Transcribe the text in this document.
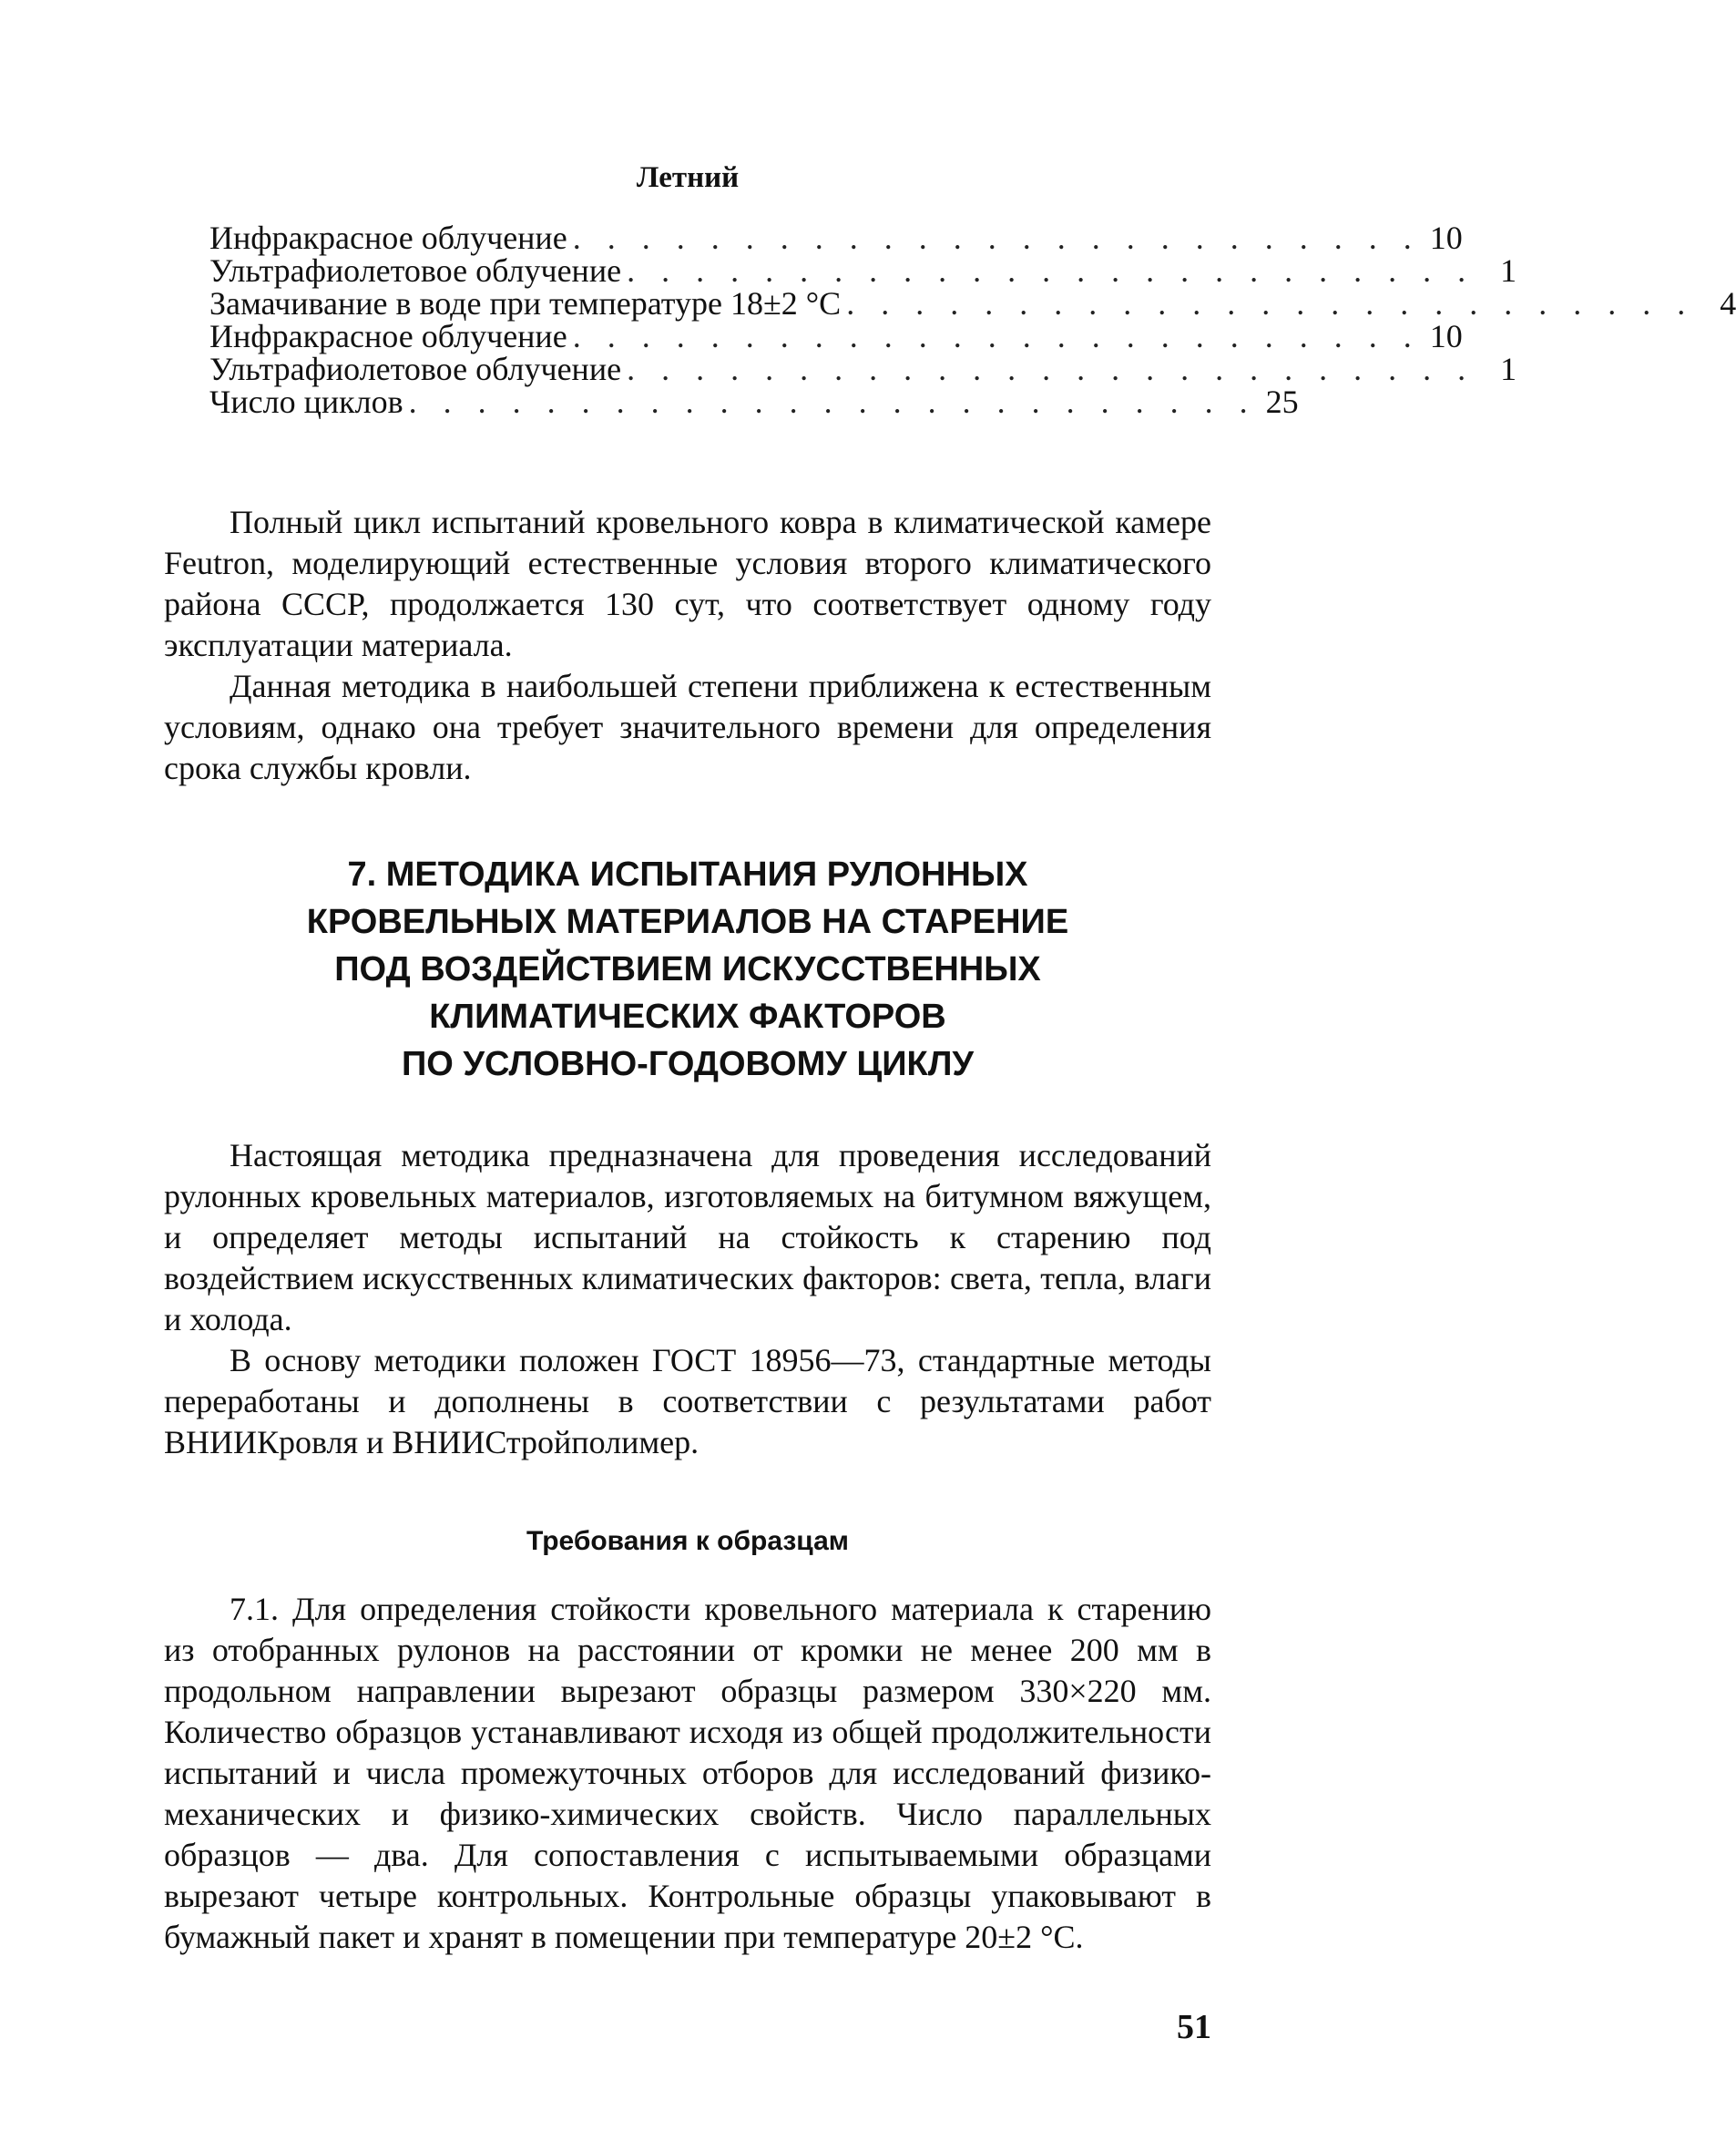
Летний

Инфракрасное облучение . . . . . . . . . . . . . . . . . . . . . . . . . 10
Ультрафиолетовое облучение . . . . . . . . . . . . . . . . . . . . . . . . . 1
Замачивание в воде при температуре 18±2 °С . . . . . . . . . . . . . . . . . . . . . . . . . 4
Инфракрасное облучение . . . . . . . . . . . . . . . . . . . . . . . . . 10
Ультрафиолетовое облучение . . . . . . . . . . . . . . . . . . . . . . . . . 1
Число циклов . . . . . . . . . . . . . . . . . . . . . . . . . 25

Полный цикл испытаний кровельного ковра в климатической камере Feutron, моделирующий естественные условия второго климатического района СССР, продолжается 130 сут, что соответствует одному году эксплуатации материала.

Данная методика в наибольшей степени приближена к естественным условиям, однако она требует значительного времени для определения срока службы кровли.

7. МЕТОДИКА ИСПЫТАНИЯ РУЛОННЫХ
КРОВЕЛЬНЫХ МАТЕРИАЛОВ НА СТАРЕНИЕ
ПОД ВОЗДЕЙСТВИЕМ ИСКУССТВЕННЫХ
КЛИМАТИЧЕСКИХ ФАКТОРОВ
ПО УСЛОВНО-ГОДОВОМУ ЦИКЛУ

Настоящая методика предназначена для проведения исследований рулонных кровельных материалов, изготовляемых на битумном вяжущем, и определяет методы испытаний на стойкость к старению под воздействием искусственных климатических факторов: света, тепла, влаги и холода.

В основу методики положен ГОСТ 18956—73, стандартные методы переработаны и дополнены в соответствии с результатами работ ВНИИКровля и ВНИИСтройполимер.

Требования к образцам

7.1. Для определения стойкости кровельного материала к старению из отобранных рулонов на расстоянии от кромки не менее 200 мм в продольном направлении вырезают образцы размером 330×220 мм. Количество образцов устанавливают исходя из общей продолжительности испытаний и числа промежуточных отборов для исследований физико-механических и физико-химических свойств. Число параллельных образцов — два. Для сопоставления с испытываемыми образцами вырезают четыре контрольных. Контрольные образцы упаковывают в бумажный пакет и хранят в помещении при температуре 20±2 °С.

51
